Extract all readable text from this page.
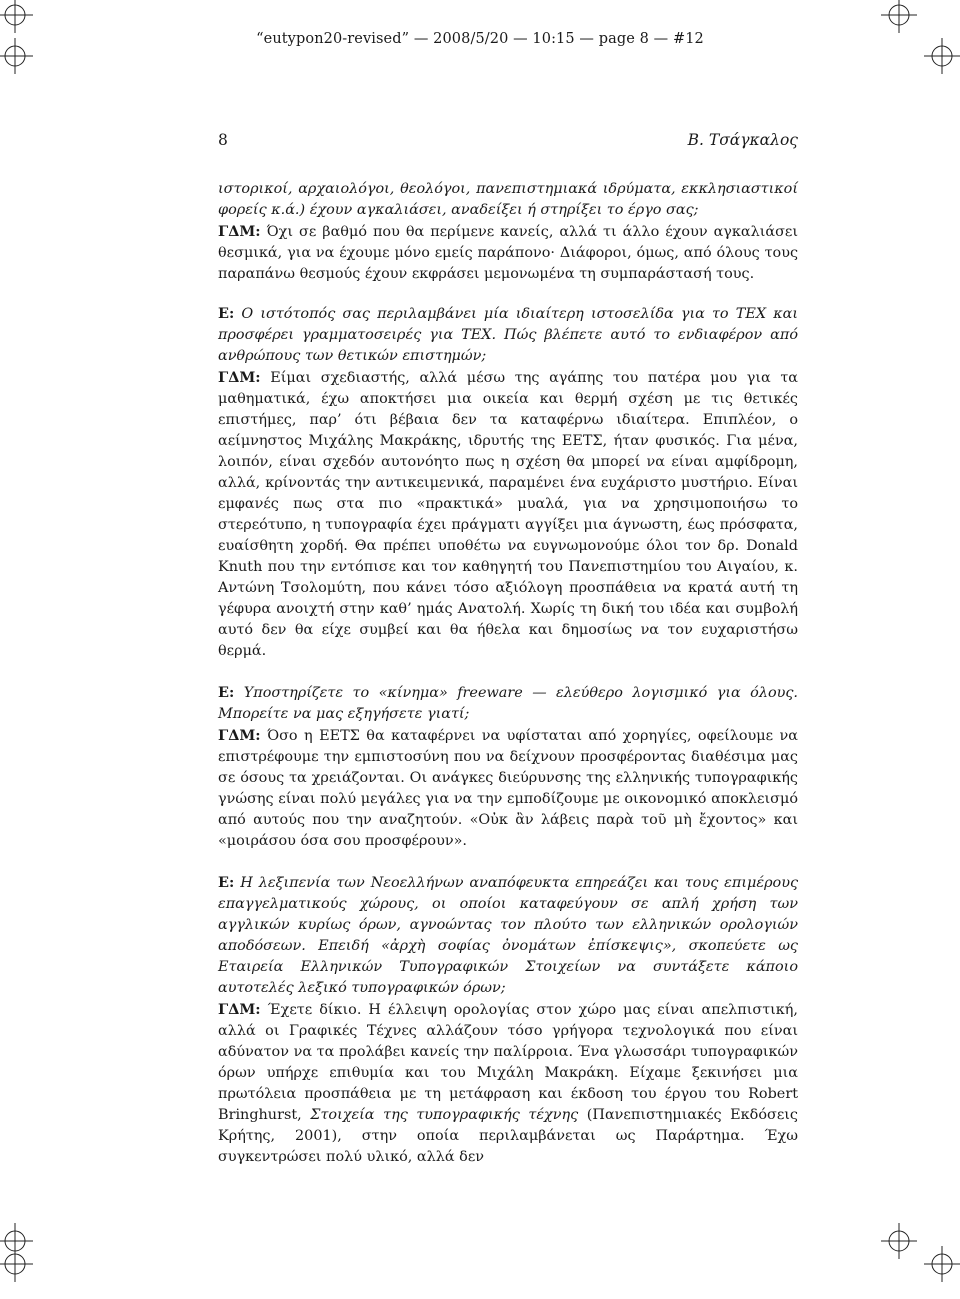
“eutypon20-revised” — 2008/5/20 — 10:15 — page 8 — #12
8	Β. Τσάγκαλος

ιστορικοί, αρχαιολόγοι, θεολόγοι, πανεπιστημιακά ιδρύματα, εκκλησιαστικοί φορείς κ.ά.) έχουν αγκαλιάσει, αναδείξει ή στηρίξει το έργο σας;

ΓΔΜ: Όχι σε βαθμό που θα περίμενε κανείς, αλλά τι άλλο έχουν αγκαλιάσει θεσμικά, για να έχουμε μόνο εμείς παράπονο· Διάφοροι, όμως, από όλους τους παραπάνω θεσμούς έχουν εκφράσει μεμονωμένα τη συμπαράστασή τους.

Ε: Ο ιστότοπός σας περιλαμβάνει μία ιδιαίτερη ιστοσελίδα για το TEX και προσφέρει γραμματοσειρές για TEX. Πώς βλέπετε αυτό το ενδιαφέρον από ανθρώπους των θετικών επιστημών;

ΓΔΜ: Είμαι σχεδιαστής, αλλά μέσω της αγάπης του πατέρα μου για τα μαθηματικά, έχω αποκτήσει μια οικεία και θερμή σχέση με τις θετικές επιστήμες, παρ’ ότι βέβαια δεν τα καταφέρνω ιδιαίτερα. Επιπλέον, ο αείμνηστος Μιχάλης Μακράκης, ιδρυτής της ΕΕΤΣ, ήταν φυσικός. Για μένα, λοιπόν, είναι σχεδόν αυτονόητο πως η σχέση θα μπορεί να είναι αμφίδρομη, αλλά, κρίνοντάς την αντικειμενικά, παραμένει ένα ευχάριστο μυστήριο. Είναι εμφανές πως στα πιο «πρακτικά» μυαλά, για να χρησιμοποιήσω το στερεότυπο, η τυπογραφία έχει πράγματι αγγίξει μια άγνωστη, έως πρόσφατα, ευαίσθητη χορδή. Θα πρέπει υποθέτω να ευγνωμονούμε όλοι τον δρ. Donald Knuth που την εντόπισε και τον καθηγητή του Πανεπιστημίου του Αιγαίου, κ. Αντώνη Τσολομύτη, που κάνει τόσο αξιόλογη προσπάθεια να κρατά αυτή τη γέφυρα ανοιχτή στην καθ’ ημάς Ανατολή. Χωρίς τη δική του ιδέα και συμβολή αυτό δεν θα είχε συμβεί και θα ήθελα και δημοσίως να τον ευχαριστήσω θερμά.

Ε: Υποστηρίζετε το «κίνημα» freeware — ελεύθερο λογισμικό για όλους. Μπορείτε να μας εξηγήσετε γιατί;

ΓΔΜ: Όσο η ΕΕΤΣ θα καταφέρνει να υφίσταται από χορηγίες, οφείλουμε να επιστρέφουμε την εμπιστοσύνη που να δείχνουν προσφέροντας διαθέσιμα μας σε όσους τα χρειάζονται. Οι ανάγκες διεύρυνσης της ελληνικής τυπογραφικής γνώσης είναι πολύ μεγάλες για να την εμποδίζουμε με οικονομικό αποκλεισμό από αυτούς που την αναζητούν. «Οὐκ ἂν λάβεις παρὰ τοῦ μὴ ἔχοντος» και «μοιράσου όσα σου προσφέρουν».

Ε: Η λεξιπενία των Νεοελλήνων αναπόφευκτα επηρεάζει και τους επιμέρους επαγγελματικούς χώρους, οι οποίοι καταφεύγουν σε απλή χρήση των αγγλικών κυρίως όρων, αγνοώντας τον πλούτο των ελληνικών ορολογιών αποδόσεων. Επειδή «ἀρχὴ σοφίας ὀνομάτων ἐπίσκεψις», σκοπεύετε ως Εταιρεία Ελληνικών Τυπογραφικών Στοιχείων να συντάξετε κάποιο αυτοτελές λεξικό τυπογραφικών όρων;

ΓΔΜ: Έχετε δίκιο. Η έλλειψη ορολογίας στον χώρο μας είναι απελπιστική, αλλά οι Γραφικές Τέχνες αλλάζουν τόσο γρήγορα τεχνολογικά που είναι αδύνατον να τα προλάβει κανείς την παλίρροια. Ένα γλωσσάρι τυπογραφικών όρων υπήρχε επιθυμία και του Μιχάλη Μακράκη. Είχαμε ξεκινήσει μια πρωτόλεια προσπάθεια με τη μετάφραση και έκδοση του έργου του Robert Bringhurst, Στοιχεία της τυπογραφικής τέχνης (Πανεπιστημιακές Εκδόσεις Κρήτης, 2001), στην οποία περιλαμβάνεται ως Παράρτημα. Έχω συγκεντρώσει πολύ υλικό, αλλά δεν
